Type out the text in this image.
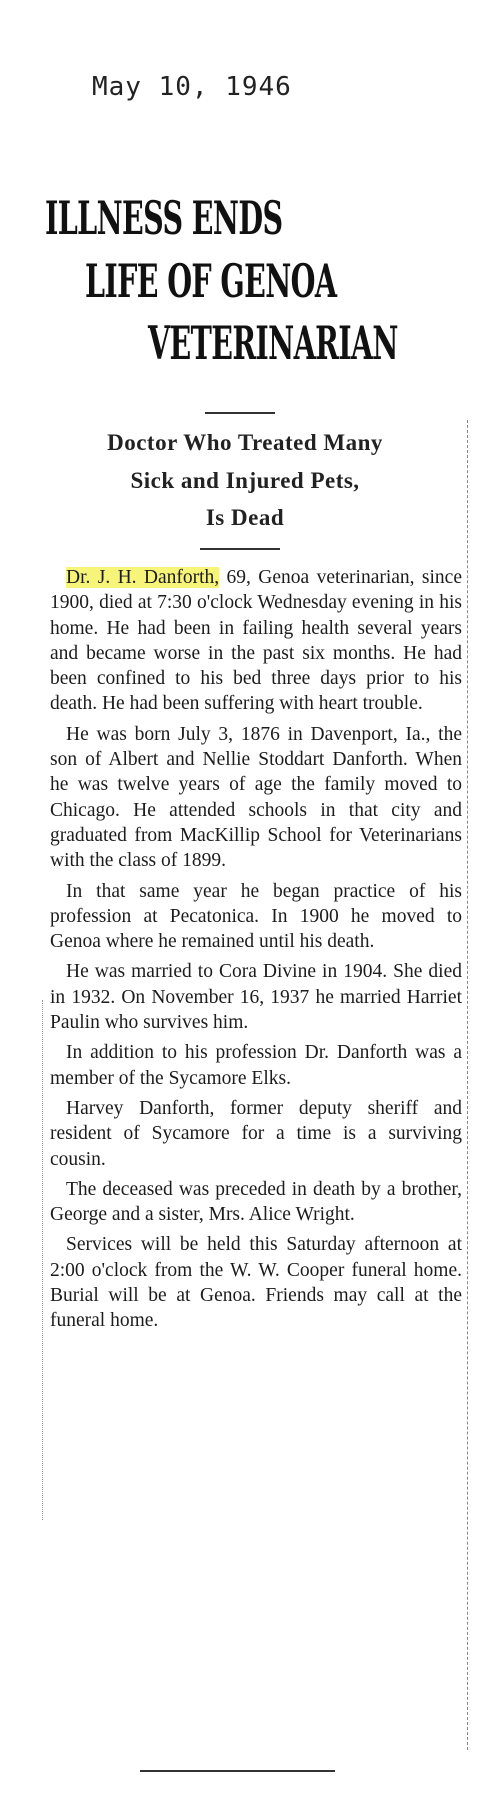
May 10, 1946
ILLNESS ENDS
LIFE OF GENOA
VETERINARIAN
Doctor Who Treated Many
Sick and Injured Pets,
Is Dead

Dr. J. H. Danforth, 69, Genoa veterinarian, since 1900, died at 7:30 o'clock Wednesday evening in his home. He had been in failing health several years and became worse in the past six months. He had been confined to his bed three days prior to his death. He had been suffering with heart trouble.

He was born July 3, 1876 in Davenport, Ia., the son of Albert and Nellie Stoddart Danforth. When he was twelve years of age the family moved to Chicago. He attended schools in that city and graduated from MacKillip School for Veterinarians with the class of 1899.

In that same year he began practice of his profession at Pecatonica. In 1900 he moved to Genoa where he remained until his death.

He was married to Cora Divine in 1904. She died in 1932. On November 16, 1937 he married Harriet Paulin who survives him.

In addition to his profession Dr. Danforth was a member of the Sycamore Elks.

Harvey Danforth, former deputy sheriff and resident of Sycamore for a time is a surviving cousin.

The deceased was preceded in death by a brother, George and a sister, Mrs. Alice Wright.

Services will be held this Saturday afternoon at 2:00 o'clock from the W. W. Cooper funeral home. Burial will be at Genoa. Friends may call at the funeral home.
